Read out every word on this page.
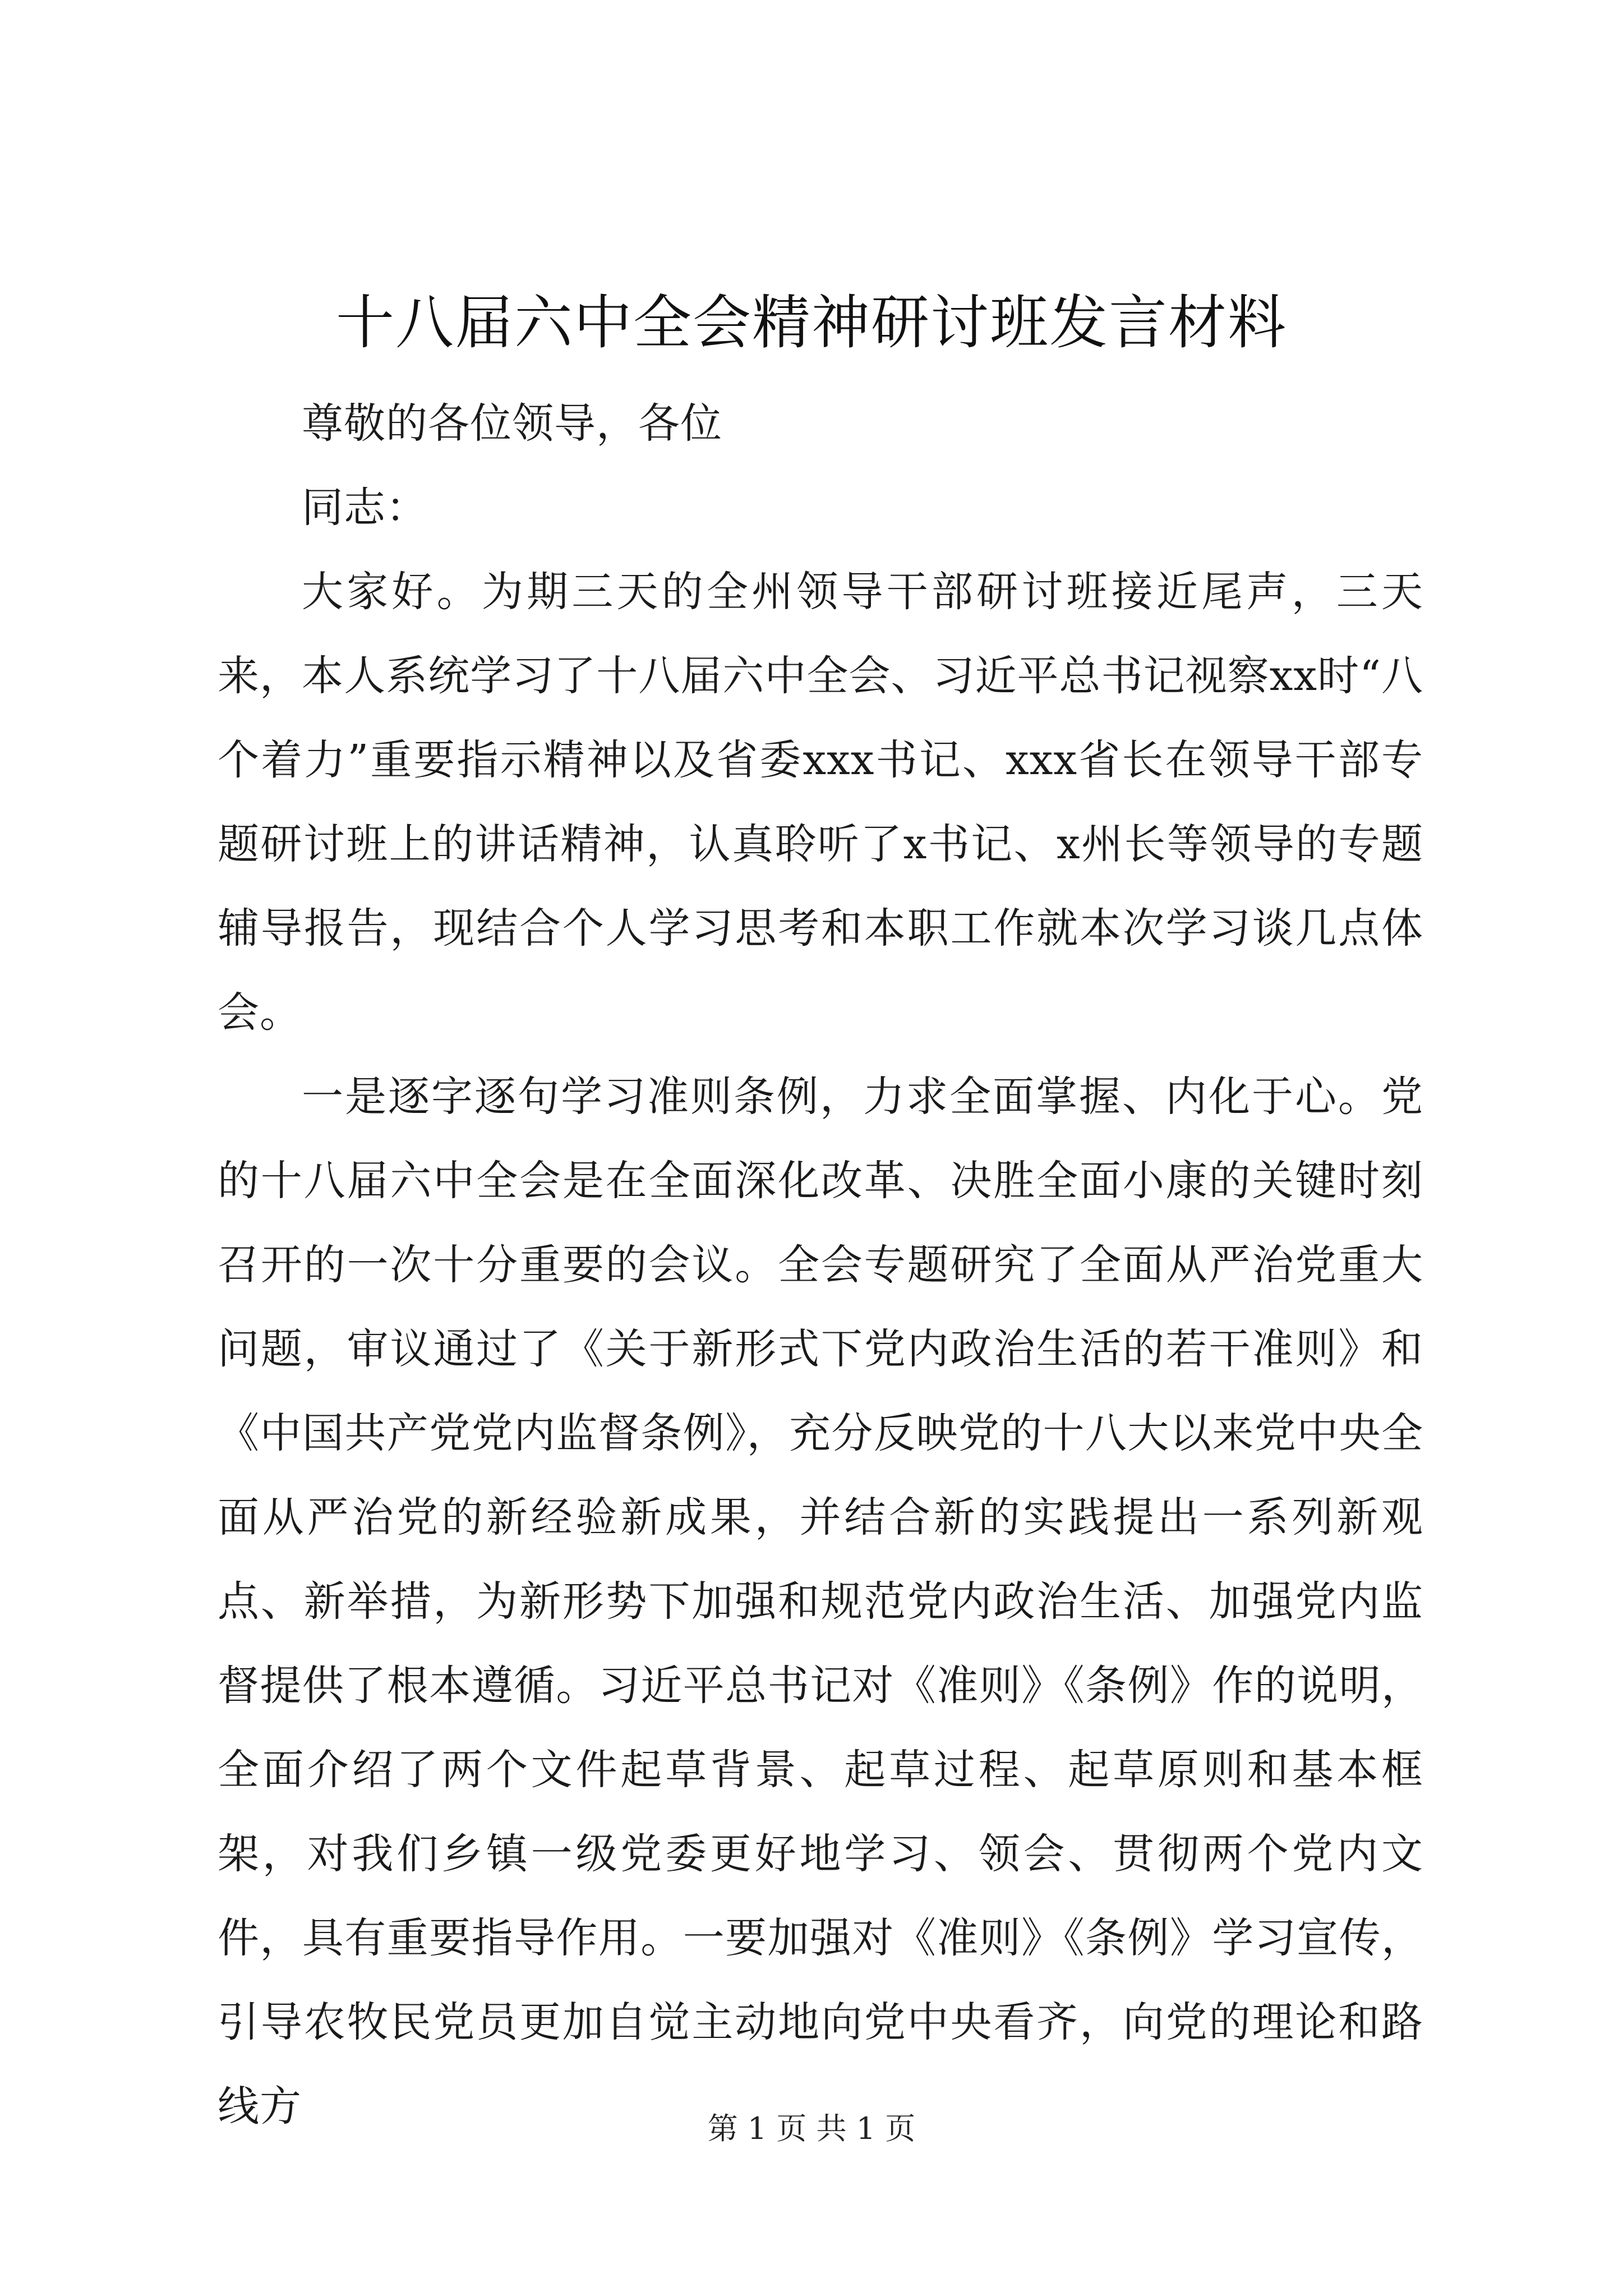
十八届六中全会精神研讨班发言材料

尊敬的各位领导，各位

同志：

大家好。为期三天的全州领导干部研讨班接近尾声，三天来，本人系统学习了十八届六中全会、习近平总书记视察xx时“八个着力”重要指示精神以及省委xxx书记、xxx省长在领导干部专题研讨班上的讲话精神，认真聆听了x书记、x州长等领导的专题辅导报告，现结合个人学习思考和本职工作就本次学习谈几点体会。

一是逐字逐句学习准则条例，力求全面掌握、内化于心。党的十八届六中全会是在全面深化改革、决胜全面小康的关键时刻召开的一次十分重要的会议。全会专题研究了全面从严治党重大问题，审议通过了《关于新形式下党内政治生活的若干准则》和《中国共产党党内监督条例》，充分反映党的十八大以来党中央全面从严治党的新经验新成果，并结合新的实践提出一系列新观点、新举措，为新形势下加强和规范党内政治生活、加强党内监督提供了根本遵循。习近平总书记对《准则》《条例》作的说明，全面介绍了两个文件起草背景、起草过程、起草原则和基本框架，对我们乡镇一级党委更好地学习、领会、贯彻两个党内文件，具有重要指导作用。一要加强对《准则》《条例》学习宣传，引导农牧民党员更加自觉主动地向党中央看齐，向党的理论和路线方	第 1 页 共 1 页
